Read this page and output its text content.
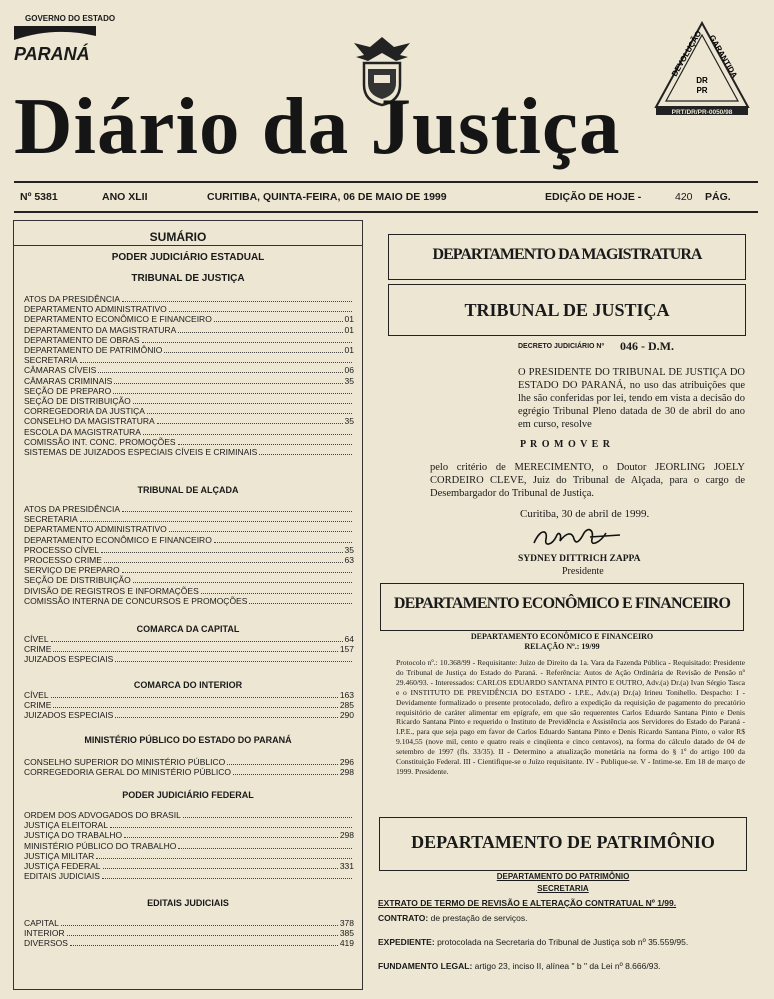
GOVERNO DO ESTADO
PARANÁ	DEVOLUÇÃO GARANTIDA
DR
PR
PRT/DR/PR-0050/98
Diário da Justiça
Nº 5381	ANO XLII	CURITIBA, QUINTA-FEIRA, 06 DE MAIO DE 1999	EDIÇÃO DE HOJE -	420 PÁG.
SUMÁRIO
PODER JUDICIÁRIO ESTADUAL
TRIBUNAL DE JUSTIÇA
ATOS DA PRESIDÊNCIA
DEPARTAMENTO ADMINISTRATIVO
DEPARTAMENTO ECONÔMICO E FINANCEIRO	01
DEPARTAMENTO DA MAGISTRATURA	01
DEPARTAMENTO DE OBRAS
DEPARTAMENTO DE PATRIMÔNIO	01
SECRETARIA
CÂMARAS CÍVEIS	06
CÂMARAS CRIMINAIS	35
SEÇÃO DE PREPARO
SEÇÃO DE DISTRIBUIÇÃO
CORREGEDORIA DA JUSTIÇA
CONSELHO DA MAGISTRATURA	35
ESCOLA DA MAGISTRATURA
COMISSÃO INT. CONC. PROMOÇÕES
SISTEMAS DE JUIZADOS ESPECIAIS CÍVEIS E CRIMINAIS
TRIBUNAL DE ALÇADA
ATOS DA PRESIDÊNCIA
SECRETARIA
DEPARTAMENTO ADMINISTRATIVO
DEPARTAMENTO ECONÔMICO E FINANCEIRO
PROCESSO CÍVEL	35
PROCESSO CRIME	63
SERVIÇO DE PREPARO
SEÇÃO DE DISTRIBUIÇÃO
DIVISÃO DE REGISTROS E INFORMAÇÕES
COMISSÃO INTERNA DE CONCURSOS E PROMOÇÕES
COMARCA DA CAPITAL
CÍVEL	64
CRIME	157
JUIZADOS ESPECIAIS
COMARCA DO INTERIOR
CÍVEL	163
CRIME	285
JUIZADOS ESPECIAIS	290
MINISTÉRIO PÚBLICO DO ESTADO DO PARANÁ
CONSELHO SUPERIOR DO MINISTÉRIO PÚBLICO	296
CORREGEDORIA GERAL DO MINISTÉRIO PÚBLICO	298
PODER JUDICIÁRIO FEDERAL
ORDEM DOS ADVOGADOS DO BRASIL
JUSTIÇA ELEITORAL
JUSTIÇA DO TRABALHO	298
MINISTÉRIO PÚBLICO DO TRABALHO
JUSTIÇA MILITAR
JUSTIÇA FEDERAL	331
EDITAIS JUDICIAIS
EDITAIS JUDICIAIS
CAPITAL	378
INTERIOR	385
DIVERSOS	419
DEPARTAMENTO DA MAGISTRATURA
TRIBUNAL DE JUSTIÇA
DECRETO JUDICIÁRIO Nº 046 - D.M.
O PRESIDENTE DO TRIBUNAL DE JUSTIÇA DO ESTADO DO PARANÁ, no uso das atribuições que lhe são conferidas por lei, tendo em vista a decisão do egrégio Tribunal Pleno datada de 30 de abril do ano em curso, resolve
P R O M O V E R
pelo critério de MERECIMENTO, o Doutor JEORLING JOELY CORDEIRO CLEVE, Juiz do Tribunal de Alçada, para o cargo de Desembargador do Tribunal de Justiça.
Curitiba, 30 de abril de 1999.
SYDNEY DITTRICH ZAPPA
Presidente
DEPARTAMENTO ECONÔMICO E FINANCEIRO
DEPARTAMENTO ECONÔMICO E FINANCEIRO
RELAÇÃO Nº.: 19/99
Protocolo nº.: 10.368/99 - Requisitante: Juízo de Direito da 1a. Vara da Fazenda Pública - Requisitado: Presidente do Tribunal de Justiça do Estado do Paraná. - Referência: Autos de Ação Ordinária de Revisão de Pensão nº 29.460/93. - Interessados: CARLOS EDUARDO SANTANA PINTO E OUTRO, Adv.(a) Dr.(a) Ivan Sérgio Tasca e o INSTITUTO DE PREVIDÊNCIA DO ESTADO - I.P.E., Adv.(a) Dr.(a) Irineu Tonihello. Despacho: I - Devidamente formalizado o presente protocolado, defiro a expedição da requisição de pagamento do precatório requisitório de caráter alimentar em epígrafe, em que são requerentes Carlos Eduardo Santana Pinto e Denis Ricardo Santana Pinto e requerido o Instituto de Previdência e Assistência aos Servidores do Estado do Paraná - I.P.E., para que seja pago em favor de Carlos Eduardo Santana Pinto e Denis Ricardo Santana Pinto, o valor R$ 9.104,55 (nove mil, cento e quatro reais e cinqüenta e cinco centavos), na forma do cálculo datado de 04 de setembro de 1997 (fls. 33/35). II - Determino a atualização monetária na forma do § 1º do artigo 100 da Constituição Federal. III - Cientifique-se o Juízo requisitante. IV - Publique-se. V - Intime-se. Em 18 de março de 1999. Presidente.
DEPARTAMENTO DE PATRIMÔNIO
DEPARTAMENTO DO PATRIMÔNIO
SECRETARIA
EXTRATO DE TERMO DE REVISÃO E ALTERAÇÃO CONTRATUAL Nº 1/99.
CONTRATO: de prestação de serviços.
EXPEDIENTE: protocolada na Secretaria do Tribunal de Justiça sob nº 35.559/95.
FUNDAMENTO LEGAL: artigo 23, inciso II, alínea " b " da Lei nº 8.666/93.
